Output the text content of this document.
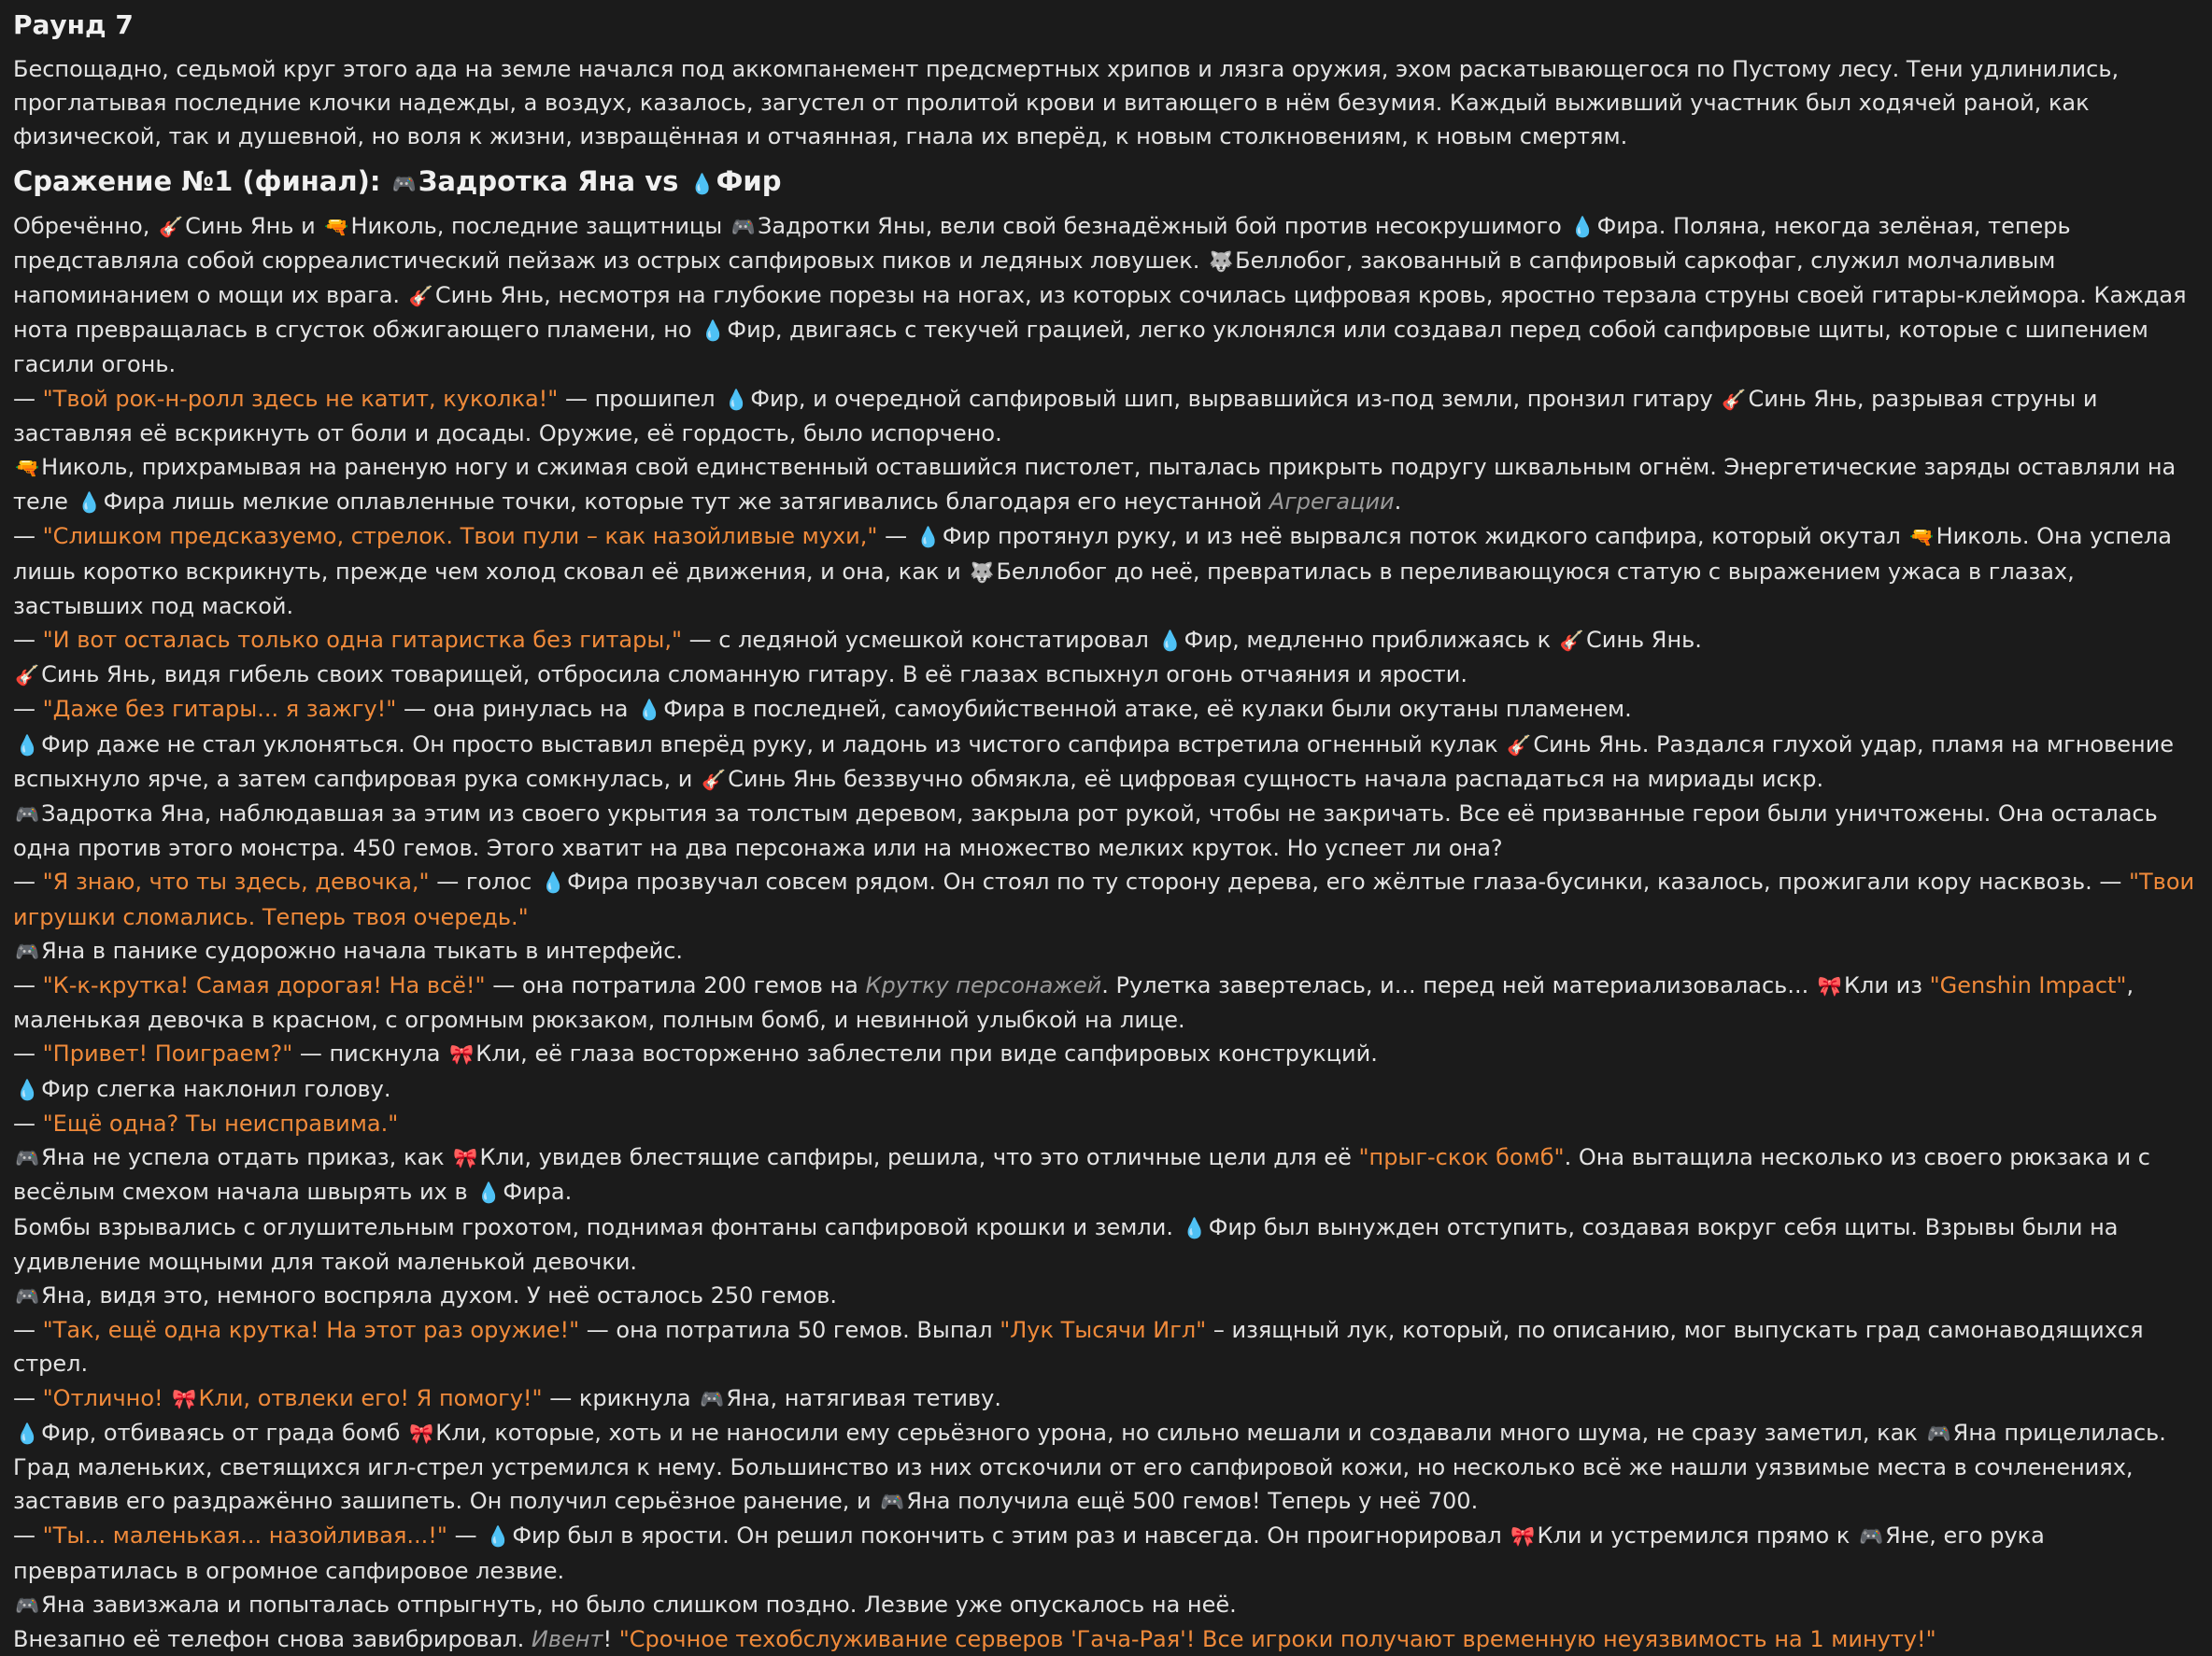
Раунд 7

Беспощадно, седьмой круг этого ада на земле начался под аккомпанемент предсмертных хрипов и лязга оружия, эхом раскатывающегося по Пустому лесу. Тени удлинились, проглатывая последние клочки надежды, а воздух, казалось, загустел от пролитой крови и витающего в нём безумия. Каждый выживший участник был ходячей раной, как физической, так и душевной, но воля к жизни, извращённая и отчаянная, гнала их вперёд, к новым столкновениям, к новым смертям.

Сражение №1 (финал): 🎮Задротка Яна vs 💧Фир

Обречённо, 🎸Синь Янь и 🔫Николь, последние защитницы 🎮Задротки Яны, вели свой безнадёжный бой против несокрушимого 💧Фира. Поляна, некогда зелёная, теперь представляла собой сюрреалистический пейзаж из острых сапфировых пиков и ледяных ловушек. 🐺Беллобог, закованный в сапфировый саркофаг, служил молчаливым напоминанием о мощи их врага. 🎸Синь Янь, несмотря на глубокие порезы на ногах, из которых сочилась цифровая кровь, яростно терзала струны своей гитары-клеймора. Каждая нота превращалась в сгусток обжигающего пламени, но 💧Фир, двигаясь с текучей грацией, легко уклонялся или создавал перед собой сапфировые щиты, которые с шипением гасили огонь.

— "Твой рок-н-ролл здесь не катит, куколка!" — прошипел 💧Фир, и очередной сапфировый шип, вырвавшийся из-под земли, пронзил гитару 🎸Синь Янь, разрывая струны и заставляя её вскрикнуть от боли и досады. Оружие, её гордость, было испорчено.

🔫Николь, прихрамывая на раненую ногу и сжимая свой единственный оставшийся пистолет, пыталась прикрыть подругу шквальным огнём. Энергетические заряды оставляли на теле 💧Фира лишь мелкие оплавленные точки, которые тут же затягивались благодаря его неустанной Агрегации.

— "Слишком предсказуемо, стрелок. Твои пули – как назойливые мухи," — 💧Фир протянул руку, и из неё вырвался поток жидкого сапфира, который окутал 🔫Николь. Она успела лишь коротко вскрикнуть, прежде чем холод сковал её движения, и она, как и 🐺Беллобог до неё, превратилась в переливающуюся статую с выражением ужаса в глазах, застывших под маской.

— "И вот осталась только одна гитаристка без гитары," — с ледяной усмешкой констатировал 💧Фир, медленно приближаясь к 🎸Синь Янь.

🎸Синь Янь, видя гибель своих товарищей, отбросила сломанную гитару. В её глазах вспыхнул огонь отчаяния и ярости.

— "Даже без гитары... я зажгу!" — она ринулась на 💧Фира в последней, самоубийственной атаке, её кулаки были окутаны пламенем.

💧Фир даже не стал уклоняться. Он просто выставил вперёд руку, и ладонь из чистого сапфира встретила огненный кулак 🎸Синь Янь. Раздался глухой удар, пламя на мгновение вспыхнуло ярче, а затем сапфировая рука сомкнулась, и 🎸Синь Янь беззвучно обмякла, её цифровая сущность начала распадаться на мириады искр.

🎮Задротка Яна, наблюдавшая за этим из своего укрытия за толстым деревом, закрыла рот рукой, чтобы не закричать. Все её призванные герои были уничтожены. Она осталась одна против этого монстра. 450 гемов. Этого хватит на два персонажа или на множество мелких круток. Но успеет ли она?

— "Я знаю, что ты здесь, девочка," — голос 💧Фира прозвучал совсем рядом. Он стоял по ту сторону дерева, его жёлтые глаза-бусинки, казалось, прожигали кору насквозь. — "Твои игрушки сломались. Теперь твоя очередь."

🎮Яна в панике судорожно начала тыкать в интерфейс.

— "К-к-крутка! Самая дорогая! На всё!" — она потратила 200 гемов на Крутку персонажей. Рулетка завертелась, и... перед ней материализовалась... 🎀Кли из "Genshin Impact", маленькая девочка в красном, с огромным рюкзаком, полным бомб, и невинной улыбкой на лице.

— "Привет! Поиграем?" — пискнула 🎀Кли, её глаза восторженно заблестели при виде сапфировых конструкций.

💧Фир слегка наклонил голову.

— "Ещё одна? Ты неисправима."

🎮Яна не успела отдать приказ, как 🎀Кли, увидев блестящие сапфиры, решила, что это отличные цели для её "прыг-скок бомб". Она вытащила несколько из своего рюкзака и с весёлым смехом начала швырять их в 💧Фира.

Бомбы взрывались с оглушительным грохотом, поднимая фонтаны сапфировой крошки и земли. 💧Фир был вынужден отступить, создавая вокруг себя щиты. Взрывы были на удивление мощными для такой маленькой девочки.

🎮Яна, видя это, немного воспряла духом. У неё осталось 250 гемов.

— "Так, ещё одна крутка! На этот раз оружие!" — она потратила 50 гемов. Выпал "Лук Тысячи Игл" – изящный лук, который, по описанию, мог выпускать град самонаводящихся стрел.

— "Отлично! 🎀Кли, отвлеки его! Я помогу!" — крикнула 🎮Яна, натягивая тетиву.

💧Фир, отбиваясь от града бомб 🎀Кли, которые, хоть и не наносили ему серьёзного урона, но сильно мешали и создавали много шума, не сразу заметил, как 🎮Яна прицелилась. Град маленьких, светящихся игл-стрел устремился к нему. Большинство из них отскочили от его сапфировой кожи, но несколько всё же нашли уязвимые места в сочленениях, заставив его раздражённо зашипеть. Он получил серьёзное ранение, и 🎮Яна получила ещё 500 гемов! Теперь у неё 700.

— "Ты... маленькая... назойливая...!" — 💧Фир был в ярости. Он решил покончить с этим раз и навсегда. Он проигнорировал 🎀Кли и устремился прямо к 🎮Яне, его рука превратилась в огромное сапфировое лезвие.

🎮Яна завизжала и попыталась отпрыгнуть, но было слишком поздно. Лезвие уже опускалось на неё.

Внезапно её телефон снова завибрировал. Ивент! "Срочное техобслуживание серверов 'Гача-Рая'! Все игроки получают временную неуязвимость на 1 минуту!"
